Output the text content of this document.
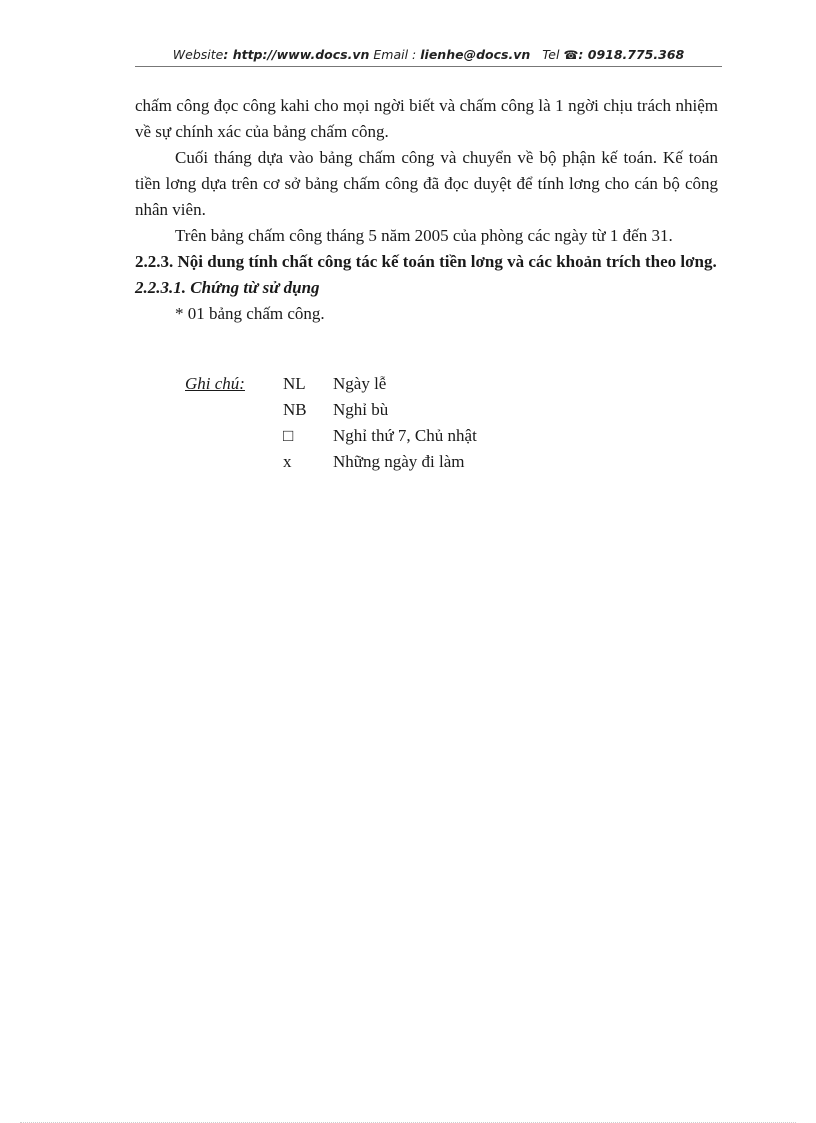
Website: http://www.docs.vn Email : lienhe@docs.vn Tel ☎: 0918.775.368

chấm công đọc công kahi cho mọi ngời biết và chấm công là 1 ngời chịu trách nhiệm về sự chính xác của bảng chấm công.

Cuối tháng dựa vào bảng chấm công và chuyển về bộ phận kế toán. Kế toán tiền lơng dựa trên cơ sở bảng chấm công đã đọc duyệt để tính lơng cho cán bộ công nhân viên.

Trên bảng chấm công tháng 5 năm 2005 của phòng các ngày từ 1 đến 31.

2.2.3. Nội dung tính chất công tác kế toán tiền lơng và các khoản trích theo lơng.

2.2.3.1. Chứng từ sử dụng

* 01 bảng chấm công.

Ghi chú: NL Ngày lễ
NB Nghỉ bù
□ Nghỉ thứ 7, Chủ nhật
x Những ngày đi làm
